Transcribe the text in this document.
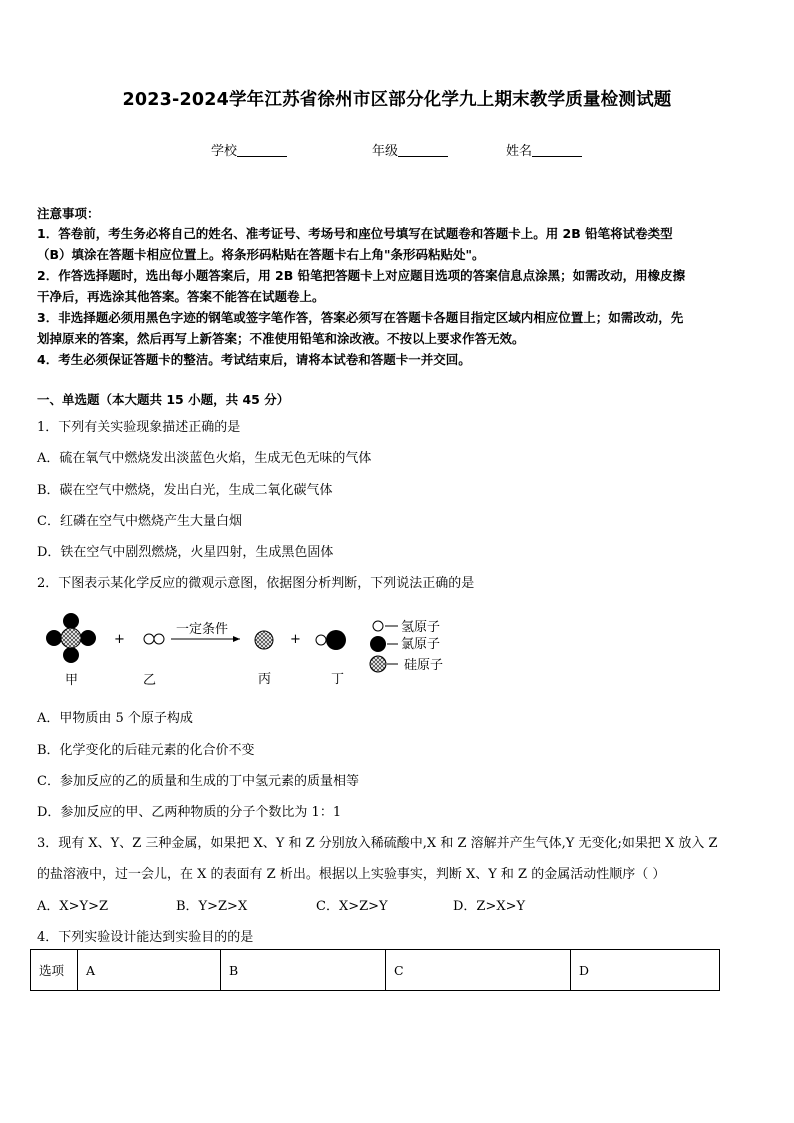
2023-2024学年江苏省徐州市区部分化学九上期末教学质量检测试题
学校	年级	姓名
注意事项：
1．答卷前，考生务必将自己的姓名、准考证号、考场号和座位号填写在试题卷和答题卡上。用 2B 铅笔将试卷类型
（B）填涂在答题卡相应位置上。将条形码粘贴在答题卡右上角"条形码粘贴处"。
2．作答选择题时，选出每小题答案后，用 2B 铅笔把答题卡上对应题目选项的答案信息点涂黑；如需改动，用橡皮擦
干净后，再选涂其他答案。答案不能答在试题卷上。
3．非选择题必须用黑色字迹的钢笔或签字笔作答，答案必须写在答题卡各题目指定区域内相应位置上；如需改动，先
划掉原来的答案，然后再写上新答案；不准使用铅笔和涂改液。不按以上要求作答无效。
4．考生必须保证答题卡的整洁。考试结束后，请将本试卷和答题卡一并交回。
一、单选题（本大题共 15 小题，共 45 分）
1．下列有关实验现象描述正确的是
A．硫在氧气中燃烧发出淡蓝色火焰，生成无色无味的气体
B．碳在空气中燃烧，发出白光，生成二氧化碳气体
C．红磷在空气中燃烧产生大量白烟
D．铁在空气中剧烈燃烧，火星四射，生成黑色固体
2．下图表示某化学反应的微观示意图，依据图分析判断，下列说法正确的是
+
一定条件
+
氢原子
氯原子
硅原子
甲	乙	丙	丁
A．甲物质由 5 个原子构成
B．化学变化的后硅元素的化合价不变
C．参加反应的乙的质量和生成的丁中氢元素的质量相等
D．参加反应的甲、乙两种物质的分子个数比为 1：1
3．现有 X、Y、Z 三种金属，如果把 X、Y 和 Z 分别放入稀硫酸中,X 和 Z 溶解并产生气体,Y 无变化;如果把 X 放入 Z
的盐溶液中，过一会儿，在 X 的表面有 Z 析出。根据以上实验事实，判断 X、Y 和 Z 的金属活动性顺序（ ）
A．X>Y>Z	B．Y>Z>X	C．X>Z>Y	D．Z>X>Y
4．下列实验设计能达到实验目的的是
选项	A	B	C	D
